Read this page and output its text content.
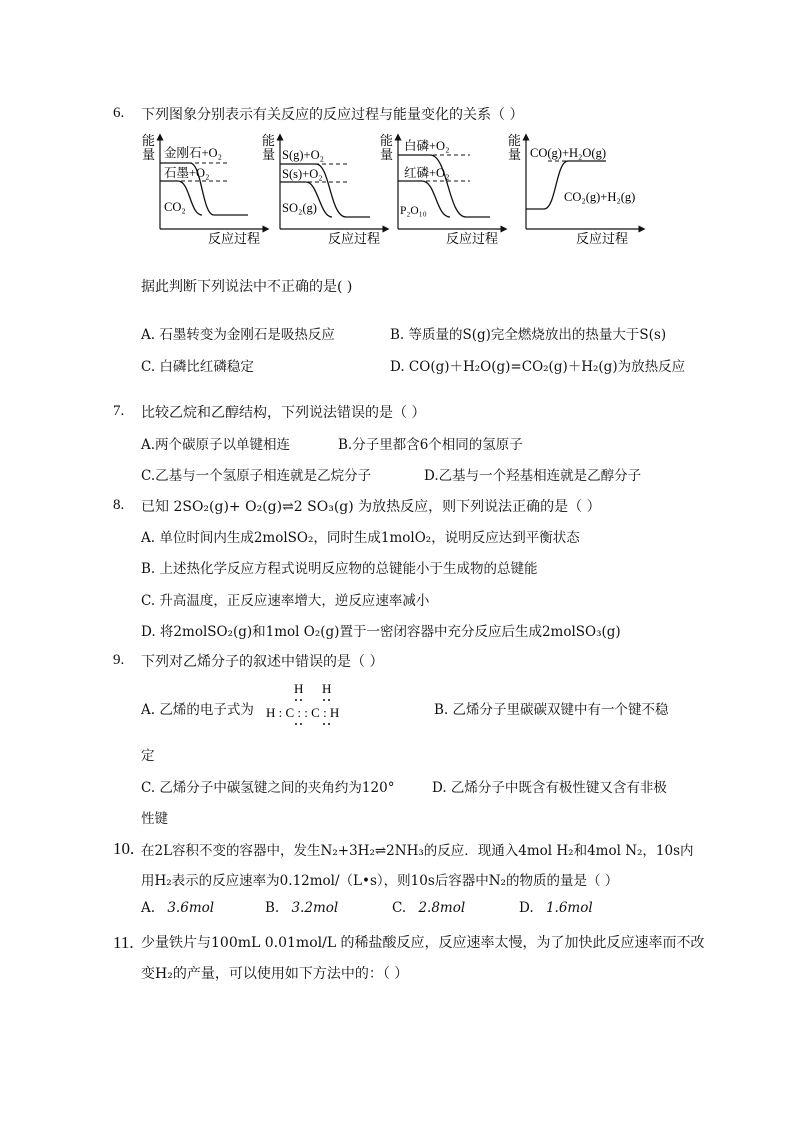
6. 下列图象分别表示有关反应的反应过程与能量变化的关系（ ）
能
量 金刚石+O₂
石墨+O₂
CO₂
反应过程
能
量 S(g)+O₂
S(s)+O₂
SO₂(g)
反应过程
能
量
白磷+O₂
红磷+O₂
P₂O₁₀
反应过程
能
量 CO(g)+H₂O(g)
CO₂(g)+H₂(g)
反应过程
据此判断下列说法中不正确的是( )
A. 石墨转变为金刚石是吸热反应	B. 等质量的S(g)完全燃烧放出的热量大于S(s)
C. 白磷比红磷稳定	D. CO(g)＋H₂O(g)=CO₂(g)＋H₂(g)为放热反应
7. 比较乙烷和乙醇结构，下列说法错误的是（ ）
A.两个碳原子以单键相连	B.分子里都含6个相同的氢原子
C.乙基与一个氢原子相连就是乙烷分子	D.乙基与一个羟基相连就是乙醇分子
8. 已知 2SO₂(g)+ O₂(g)⇌2 SO₃(g) 为放热反应，则下列说法正确的是（ ）
A. 单位时间内生成2molSO₂，同时生成1molO₂，说明反应达到平衡状态
B. 上述热化学反应方程式说明反应物的总键能小于生成物的总键能
C. 升高温度，正反应速率增大，逆反应速率减小
D. 将2molSO₂(g)和1mol O₂(g)置于一密闭容器中充分反应后生成2molSO₃(g)
9. 下列对乙烯分子的叙述中错误的是（ ）
A. 乙烯的电子式为
H H
H : C : : C : H	B. 乙烯分子里碳碳双键中有一个键不稳
定
C. 乙烯分子中碳氢键之间的夹角约为120°	D. 乙烯分子中既含有极性键又含有非极
性键
10. 在2L容积不变的容器中，发生N₂+3H₂⇌2NH₃的反应．现通入4mol H₂和4mol N₂，10s内
用H₂表示的反应速率为0.12mol/（L•s），则10s后容器中N₂的物质的量是（ ）
A. 3.6mol	B. 3.2mol	C. 2.8mol	D. 1.6mol
11. 少量铁片与100mL 0.01mol/L 的稀盐酸反应，反应速率太慢，为了加快此反应速率而不改
变H₂的产量，可以使用如下方法中的：（ ）
